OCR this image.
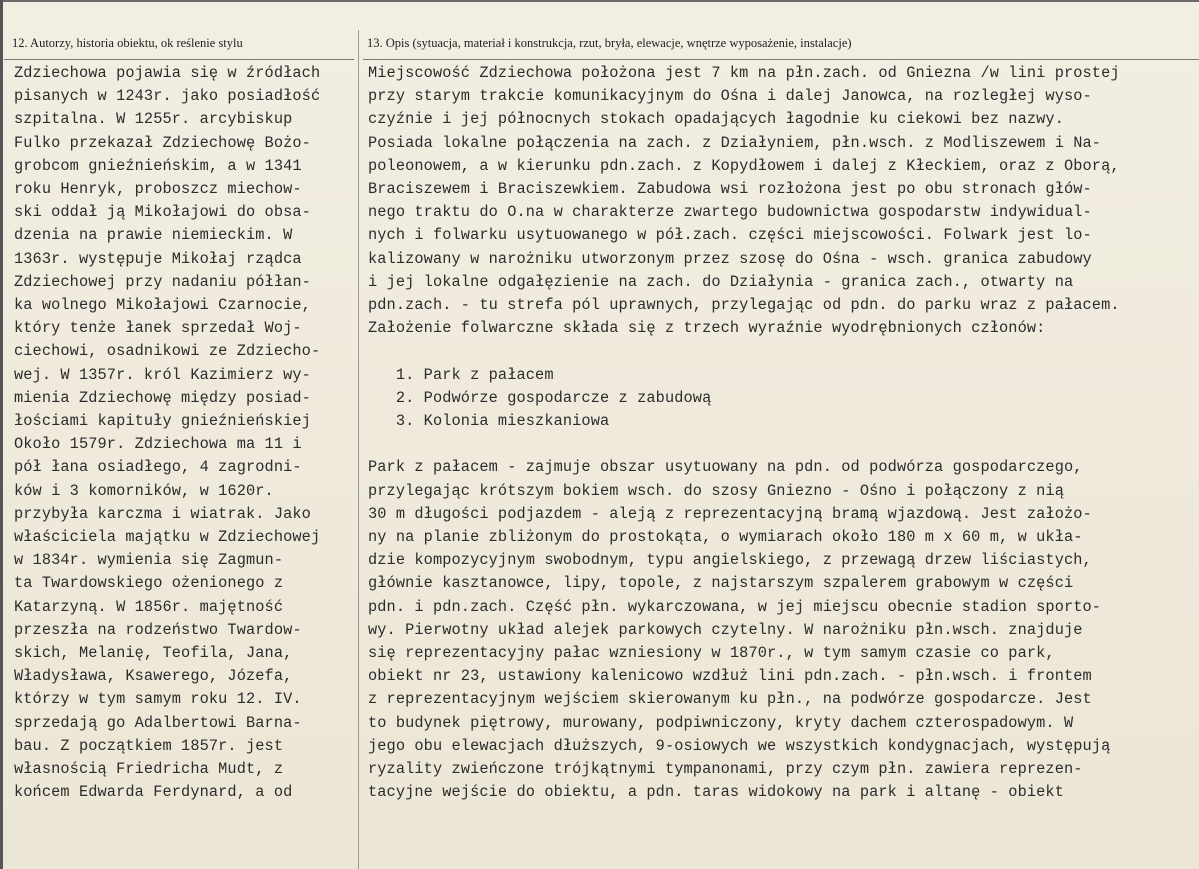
12. Autorzy, historia obiektu, ok reślenie stylu	13. Opis (sytuacja, materiał i konstrukcja, rzut, bryła, elewacje, wnętrze wyposażenie, instalacje)
Zdziechowa pojawia się w źródłach
pisanych w 1243r. jako posiadłość
szpitalna. W 1255r. arcybiskup
Fulko przekazał Zdziechowę Bożo-
grobcom gnieźnieńskim, a w 1341
roku Henryk, proboszcz miechow-
ski oddał ją Mikołajowi do obsa-
dzenia na prawie niemieckim. W
1363r. występuje Mikołaj rządca
Zdziechowej przy nadaniu półłan-
ka wolnego Mikołajowi Czarnocie,
który tenże łanek sprzedał Woj-
ciechowi, osadnikowi ze Zdziecho-
wej. W 1357r. król Kazimierz wy-
mienia Zdziechowę między posiad-
łościami kapituły gnieźnieńskiej
Około 1579r. Zdziechowa ma 11 i
pół łana osiadłego, 4 zagrodni-
ków i 3 komorników, w 1620r.
przybyła karczma i wiatrak. Jako
właściciela majątku w Zdziechowej
w 1834r. wymienia się Zagmun-
ta Twardowskiego ożenionego z
Katarzyną. W 1856r. majętność
przeszła na rodzeństwo Twardow-
skich, Melanię, Teofila, Jana,
Władysława, Ksawerego, Józefa,
którzy w tym samym roku 12. IV.
sprzedają go Adalbertowi Barna-
bau. Z początkiem 1857r. jest
własnością Friedricha Mudt, z
końcem Edwarda Ferdynard, a od
Miejscowość Zdziechowa położona jest 7 km na płn.zach. od Gniezna /w lini prostej
przy starym trakcie komunikacyjnym do Ośna i dalej Janowca, na rozległej wyso-
czyźnie i jej północnych stokach opadających łagodnie ku ciekowi bez nazwy.
Posiada lokalne połączenia na zach. z Działyniem, płn.wsch. z Modliszewem i Na-
poleonowem, a w kierunku pdn.zach. z Kopydłowem i dalej z Kłeckiem, oraz z Oborą,
Braciszewem i Braciszewkiem. Zabudowa wsi rozłożona jest po obu stronach głów-
nego traktu do O.na w charakterze zwartego budownictwa gospodarstw indywidual-
nych i folwarku usytuowanego w pół.zach. części miejscowości. Folwark jest lo-
kalizowany w narożniku utworzonym przez szosę do Ośna - wsch. granica zabudowy
i jej lokalne odgałęzienie na zach. do Działynia - granica zach., otwarty na
pdn.zach. - tu strefa pól uprawnych, przylegając od pdn. do parku wraz z pałacem.
Założenie folwarczne składa się z trzech wyraźnie wyodrębnionych członów:

1. Park z pałacem
2. Podwórze gospodarcze z zabudową
3. Kolonia mieszkaniowa

Park z pałacem - zajmuje obszar usytuowany na pdn. od podwórza gospodarczego,
przylegając krótszym bokiem wsch. do szosy Gniezno - Ośno i połączony z nią
30 m długości podjazdem - aleją z reprezentacyjną bramą wjazdową. Jest założo-
ny na planie zbliżonym do prostokąta, o wymiarach około 180 m x 60 m, w ukła-
dzie kompozycyjnym swobodnym, typu angielskiego, z przewagą drzew liściastych,
głównie kasztanowce, lipy, topole, z najstarszym szpalerem grabowym w części
pdn. i pdn.zach. Część płn. wykarczowana, w jej miejscu obecnie stadion sporto-
wy. Pierwotny układ alejek parkowych czytelny. W narożniku płn.wsch. znajduje
się reprezentacyjny pałac wzniesiony w 1870r., w tym samym czasie co park,
obiekt nr 23, ustawiony kalenicowo wzdłuż lini pdn.zach. - płn.wsch. i frontem
z reprezentacyjnym wejściem skierowanym ku płn., na podwórze gospodarcze. Jest
to budynek piętrowy, murowany, podpiwniczony, kryty dachem czterospadowym. W
jego obu elewacjach dłuższych, 9-osiowych we wszystkich kondygnacjach, występują
ryzality zwieńczone trójkątnymi tympanonami, przy czym płn. zawiera reprezen-
tacyjne wejście do obiektu, a pdn. taras widokowy na park i altanę - obiekt
